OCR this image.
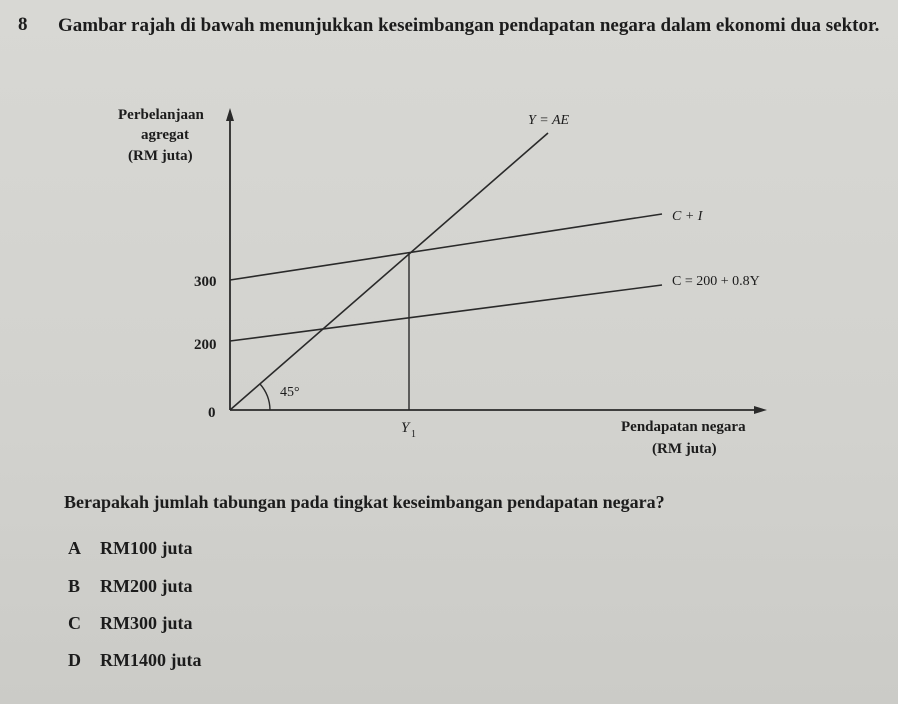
8 Gambar rajah di bawah menunjukkan keseimbangan pendapatan negara dalam ekonomi dua sektor.
Perbelanjaan
agregat
(RM juta)
300
200
0
45°
Y = AE
C + I
C = 200 + 0.8Y
Y 1	Pendapatan negara
(RM juta)
Berapakah jumlah tabungan pada tingkat keseimbangan pendapatan negara?
A RM100 juta
B RM200 juta
C RM300 juta
D RM1400 juta
